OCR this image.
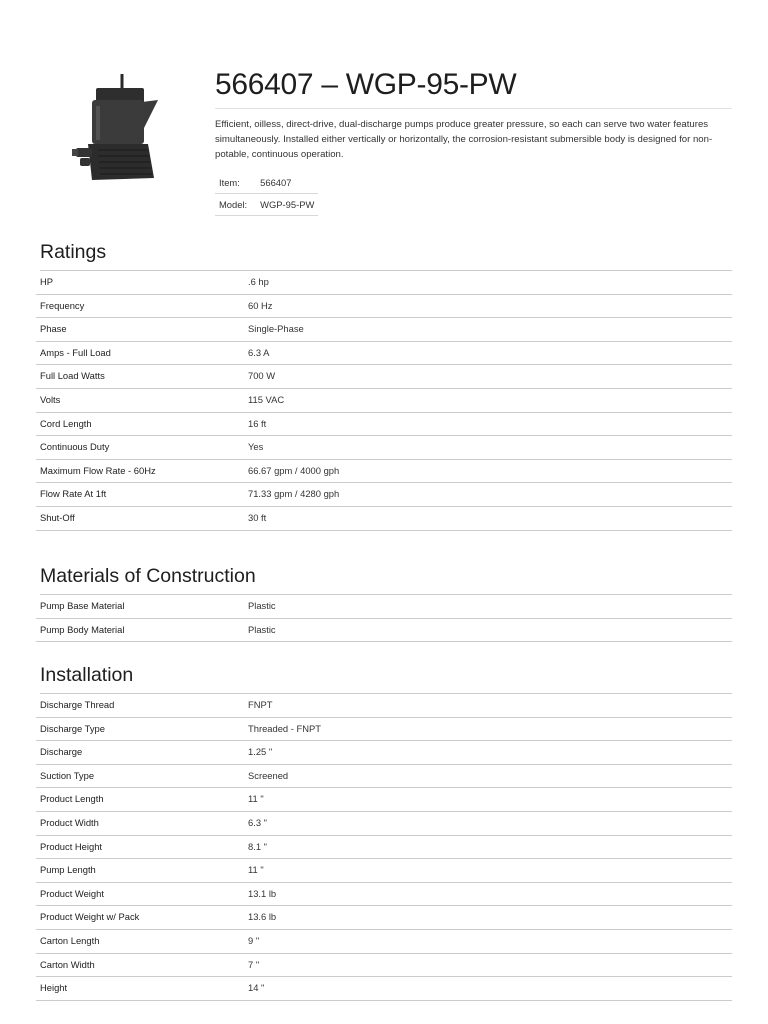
566407 – WGP-95-PW

Efficient, oilless, direct-drive, dual-discharge pumps produce greater pressure, so each can serve two water features simultaneously. Installed either vertically or horizontally, the corrosion-resistant submersible body is designed for non-potable, continuous operation.

Item:	566407
Model:	WGP-95-PW
Ratings
HP	.6 hp
Frequency	60 Hz
Phase	Single-Phase
Amps - Full Load	6.3 A
Full Load Watts	700 W
Volts	115 VAC
Cord Length	16 ft
Continuous Duty	Yes
Maximum Flow Rate - 60Hz	66.67 gpm / 4000 gph
Flow Rate At 1ft	71.33 gpm / 4280 gph
Shut-Off	30 ft
Materials of Construction
Pump Base Material	Plastic
Pump Body Material	Plastic
Installation
Discharge Thread	FNPT
Discharge Type	Threaded - FNPT
Discharge	1.25 "
Suction Type	Screened
Product Length	11 "
Product Width	6.3 "
Product Height	8.1 "
Pump Length	11 "
Product Weight	13.1 lb
Product Weight w/ Pack	13.6 lb
Carton Length	9 "
Carton Width	7 "
Height	14 "
